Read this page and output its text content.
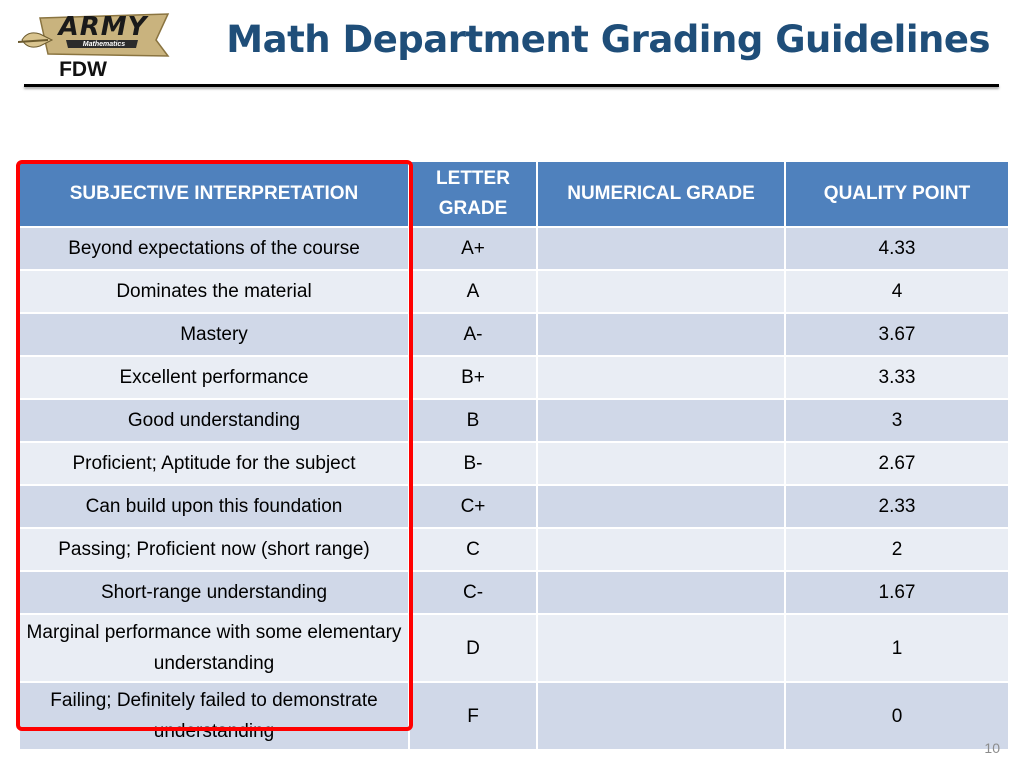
ARMY
Mathematics
FDW
Math Department Grading Guidelines
SUBJECTIVE INTERPRETATION	LETTER GRADE	NUMERICAL GRADE	QUALITY POINT
Beyond expectations of the course	A+		4.33
Dominates the material	A		4
Mastery	A-		3.67
Excellent performance	B+		3.33
Good understanding	B		3
Proficient; Aptitude for the subject	B-		2.67
Can build upon this foundation	C+		2.33
Passing; Proficient now (short range)	C		2
Short-range understanding	C-		1.67
Marginal performance with some elementary understanding	D		1
Failing; Definitely failed to demonstrate understanding	F		0
10
